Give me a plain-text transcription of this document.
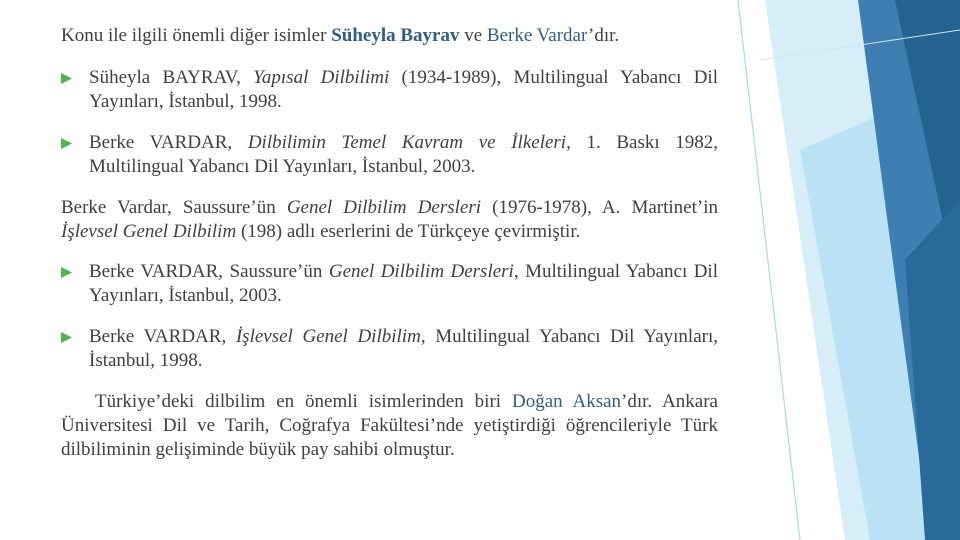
Konu ile ilgili önemli diğer isimler Süheyla Bayrav ve Berke Vardar’dır.

Süheyla BAYRAV, Yapısal Dilbilimi (1934-1989), Multilingual Yabancı Dil Yayınları, İstanbul, 1998.
Berke VARDAR, Dilbilimin Temel Kavram ve İlkeleri, 1. Baskı 1982, Multilingual Yabancı Dil Yayınları, İstanbul, 2003.

Berke Vardar, Saussure’ün Genel Dilbilim Dersleri (1976-1978), A. Martinet’in İşlevsel Genel Dilbilim (198) adlı eserlerini de Türkçeye çevirmiştir.

Berke VARDAR, Saussure’ün Genel Dilbilim Dersleri, Multilingual Yabancı Dil Yayınları, İstanbul, 2003.
Berke VARDAR, İşlevsel Genel Dilbilim, Multilingual Yabancı Dil Yayınları, İstanbul, 1998.

Türkiye’deki dilbilim en önemli isimlerinden biri Doğan Aksan’dır. Ankara Üniversitesi Dil ve Tarih, Coğrafya Fakültesi’nde yetiştirdiği öğrencileriyle Türk dilbiliminin gelişiminde büyük pay sahibi olmuştur.
